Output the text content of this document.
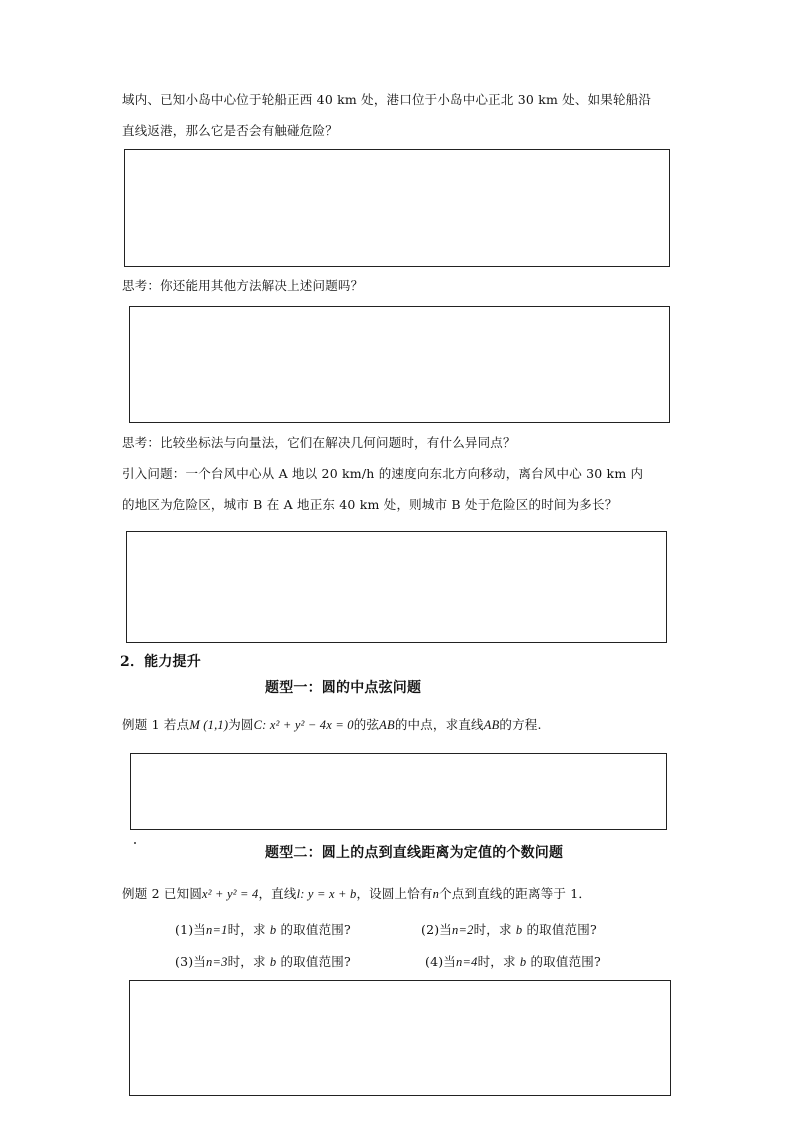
域内、已知小岛中心位于轮船正西 40 km 处，港口位于小岛中心正北 30 km 处、如果轮船沿
直线返港，那么它是否会有触碰危险？
思考：你还能用其他方法解决上述问题吗？
思考：比较坐标法与向量法，它们在解决几何问题时，有什么异同点？
引入问题：一个台风中心从 A 地以 20 km/h 的速度向东北方向移动，离台风中心 30 km 内
的地区为危险区，城市 B 在 A 地正东 40 km 处，则城市 B 处于危险区的时间为多长？
2．能力提升
题型一：圆的中点弦问题
例题 1 若点M (1,1)为圆C: x² + y² − 4x = 0的弦AB的中点，求直线AB的方程.
题型二：圆上的点到直线距离为定值的个数问题
例题 2 已知圆x² + y² = 4，直线l: y = x + b，设圆上恰有n个点到直线的距离等于 1．
(1)当n=1时，求 b 的取值范围?	(2)当n=2时，求 b 的取值范围?
(3)当n=3时，求 b 的取值范围?	(4)当n=4时，求 b 的取值范围?
